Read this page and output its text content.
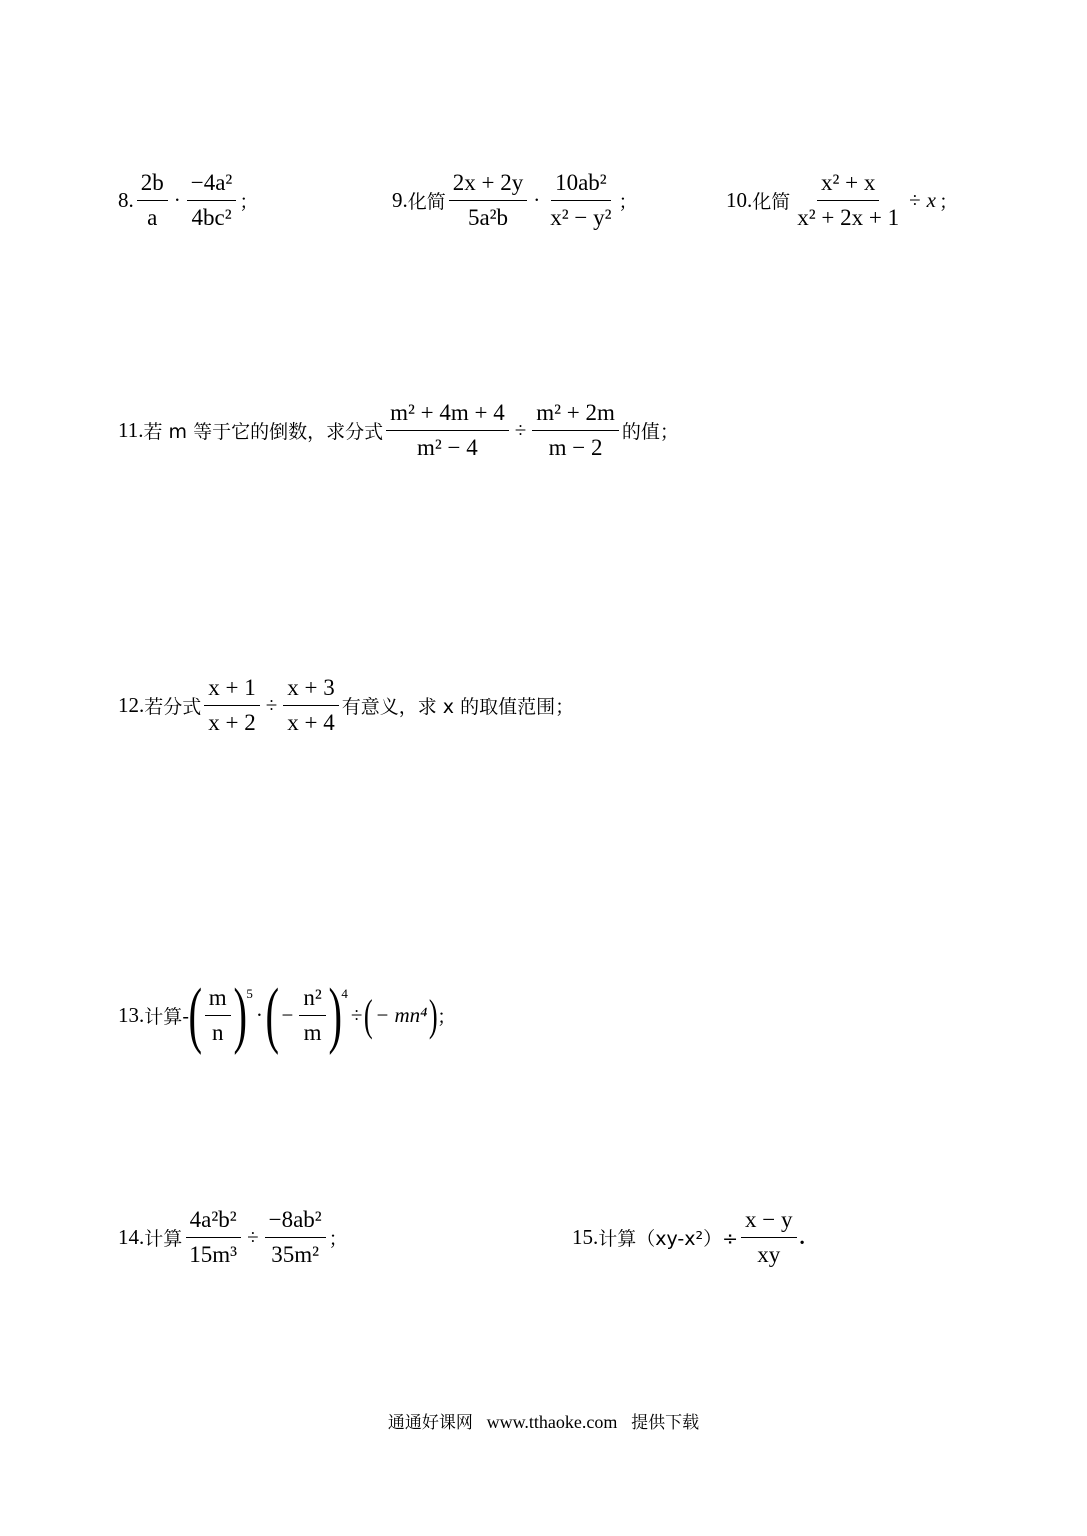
8. $\frac{2b}{a} \cdot \frac{\text{−4a²}}{\text{4bc²}}$ ；	9. 化简 $\frac{2x + 2y}{\text{5a²b}} \cdot \frac{\text{10ab²}}{\text{x² − y²}}$ ；	10. 化简 $\frac{\text{x² + x}}{\text{x² + 2x + 1}} \div x$ ；
11. 若 m 等于它的倒数，求分式 $\frac{\text{m² + 4m + 4}}{\text{m² − 4}} \div \frac{\text{m² + 2m}}{m - 2}$ 的值；
12. 若分式 $\frac{x + 1}{x + 2} \div \frac{x + 3}{x + 4}$ 有意义，求 x 的取值范围；
13. 计算- ( $\frac{m}{n}$ ) 5
· ( − $\frac{\text{n²}}{m}$ ) 4
÷ ( − mn⁴ )
；
14. 计算 $\frac{\text{4a²b²}}{\text{15m³}} \div \frac{\text{−8ab²}}{\text{35m²}}$ ；	15. 计算$(xy-x^2)\div \frac{x - y}{xy}$ .
通通好课网 www.tthaoke.com 提供下载
